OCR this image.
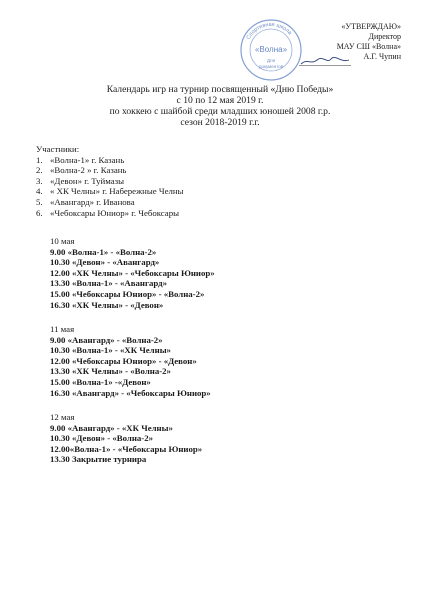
Спортивная школа
«Волна»
Для
документов
«УТВЕРЖДАЮ»
Директор
МАУ СШ «Волна»
А.Г. Чупин
Календарь игр на турнир посвященный «Дню Победы»
с 10 по 12 мая 2019 г.
по хоккею с шайбой среди младших юношей 2008 г.р.
сезон 2018-2019 г.г.
Участники:
1. «Волна-1» г. Казань
2. «Волна-2 » г. Казань
3. «Девон» г. Туймазы
4. « ХК Челны» г. Набережные Челны
5. «Авангард» г. Иванова
6. «Чебоксары Юниор» г. Чебоксары
10 мая
9.00 «Волна-1» - «Волна-2»
10.30 «Девон» - «Авангард»
12.00 «ХК Челны» - «Чебоксары Юниор»
13.30 «Волна-1» - «Авангард»
15.00 «Чебоксары Юниор» - «Волна-2»
16.30 «ХК Челны» - «Девон»
11 мая
9.00 «Авангард» - «Волна-2»
10.30 «Волна-1» - «ХК Челны»
12.00 «Чебоксары Юниор» - «Девон»
13.30 «ХК Челны» - «Волна-2»
15.00 «Волна-1» -«Девон»
16.30 «Авангард» - «Чебоксары Юниор»
12 мая
9.00 «Авангард» - «ХК Челны»
10.30 «Девон» - «Волна-2»
12.00«Волна-1» - «Чебоксары Юниор»
13.30 Закрытие турнира
